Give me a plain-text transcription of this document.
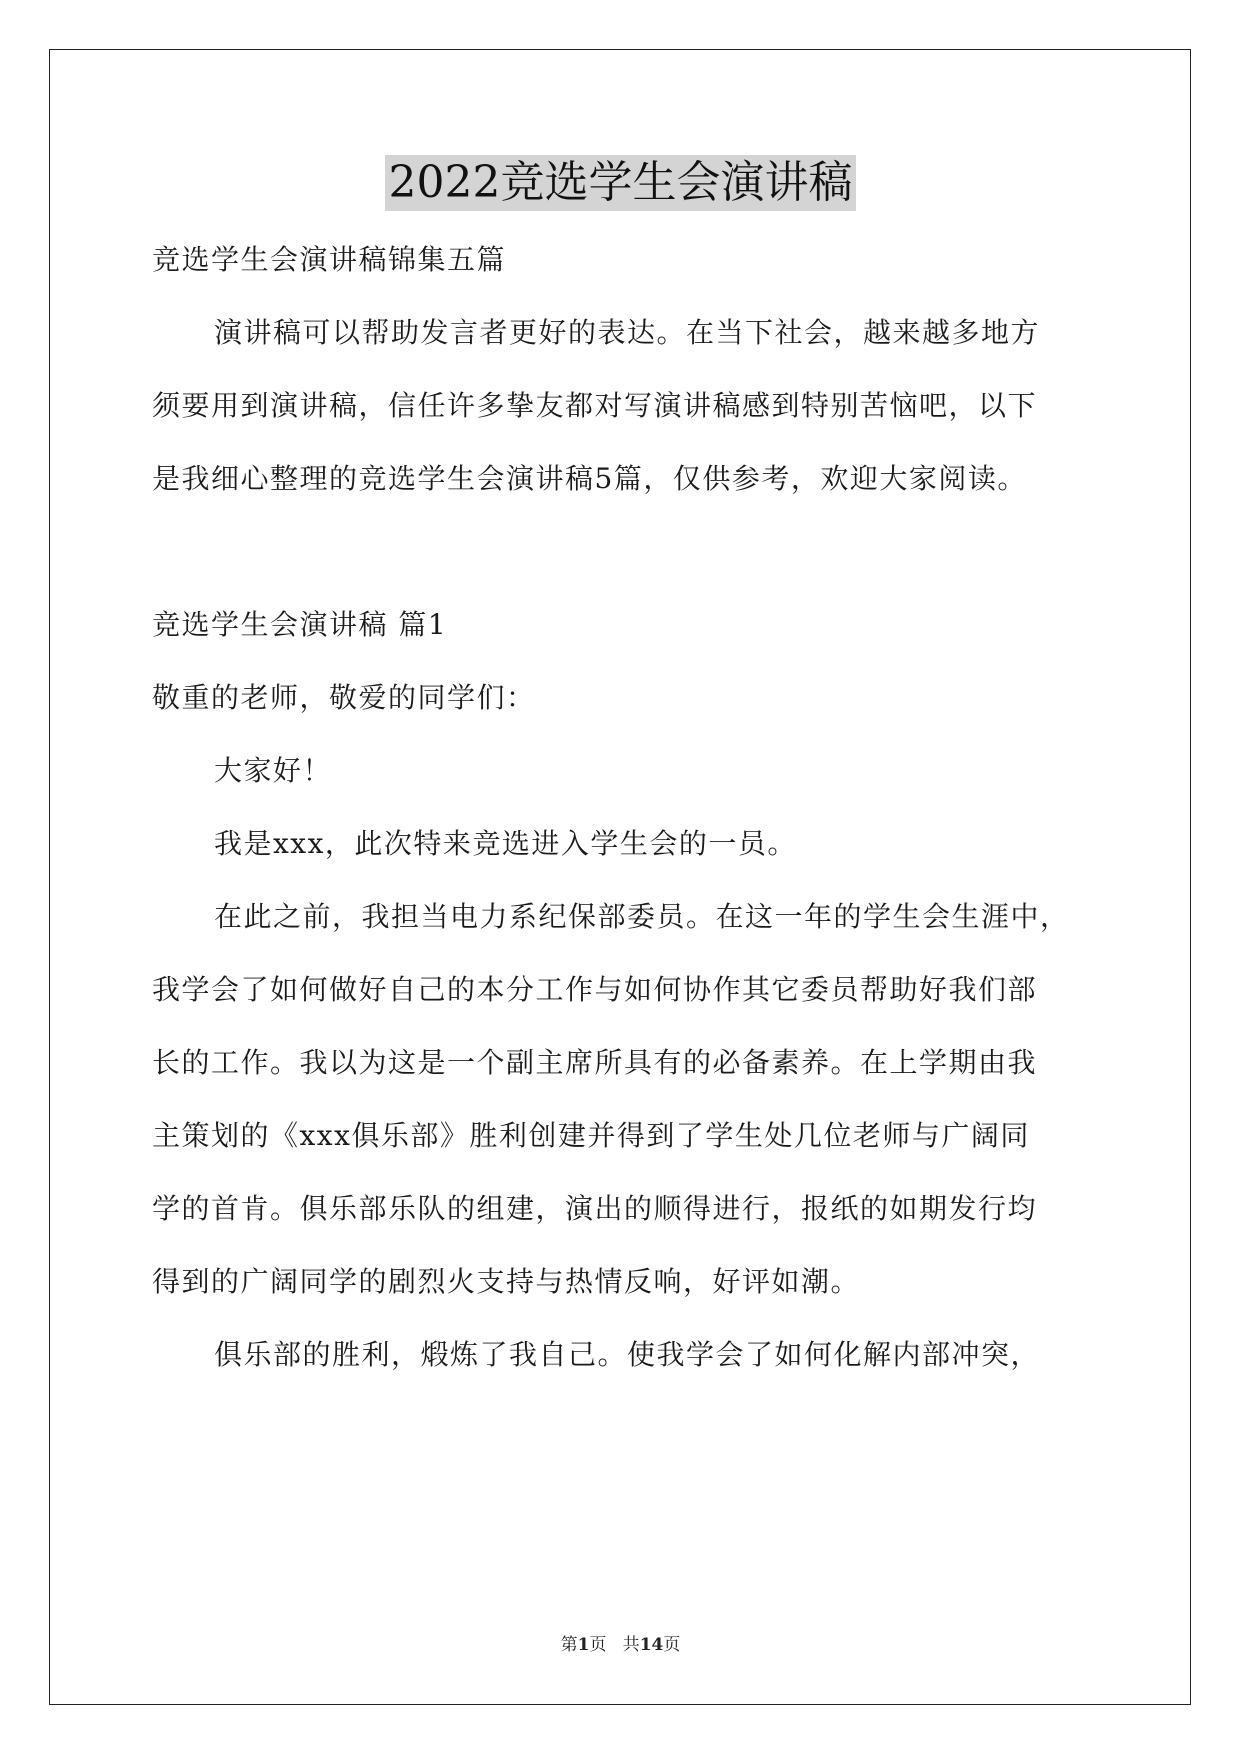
2022竞选学生会演讲稿
竞选学生会演讲稿锦集五篇
演讲稿可以帮助发言者更好的表达。在当下社会，越来越多地方
须要用到演讲稿，信任许多挚友都对写演讲稿感到特别苦恼吧，以下
是我细心整理的竞选学生会演讲稿5篇，仅供参考，欢迎大家阅读。
竞选学生会演讲稿 篇1
敬重的老师，敬爱的同学们：
大家好！
我是xxx，此次特来竞选进入学生会的一员。
在此之前，我担当电力系纪保部委员。在这一年的学生会生涯中，
我学会了如何做好自己的本分工作与如何协作其它委员帮助好我们部
长的工作。我以为这是一个副主席所具有的必备素养。在上学期由我
主策划的《xxx俱乐部》胜利创建并得到了学生处几位老师与广阔同
学的首肯。俱乐部乐队的组建，演出的顺得进行，报纸的如期发行均
得到的广阔同学的剧烈火支持与热情反响，好评如潮。
俱乐部的胜利，煅炼了我自己。使我学会了如何化解内部冲突，
第1页   共14页
